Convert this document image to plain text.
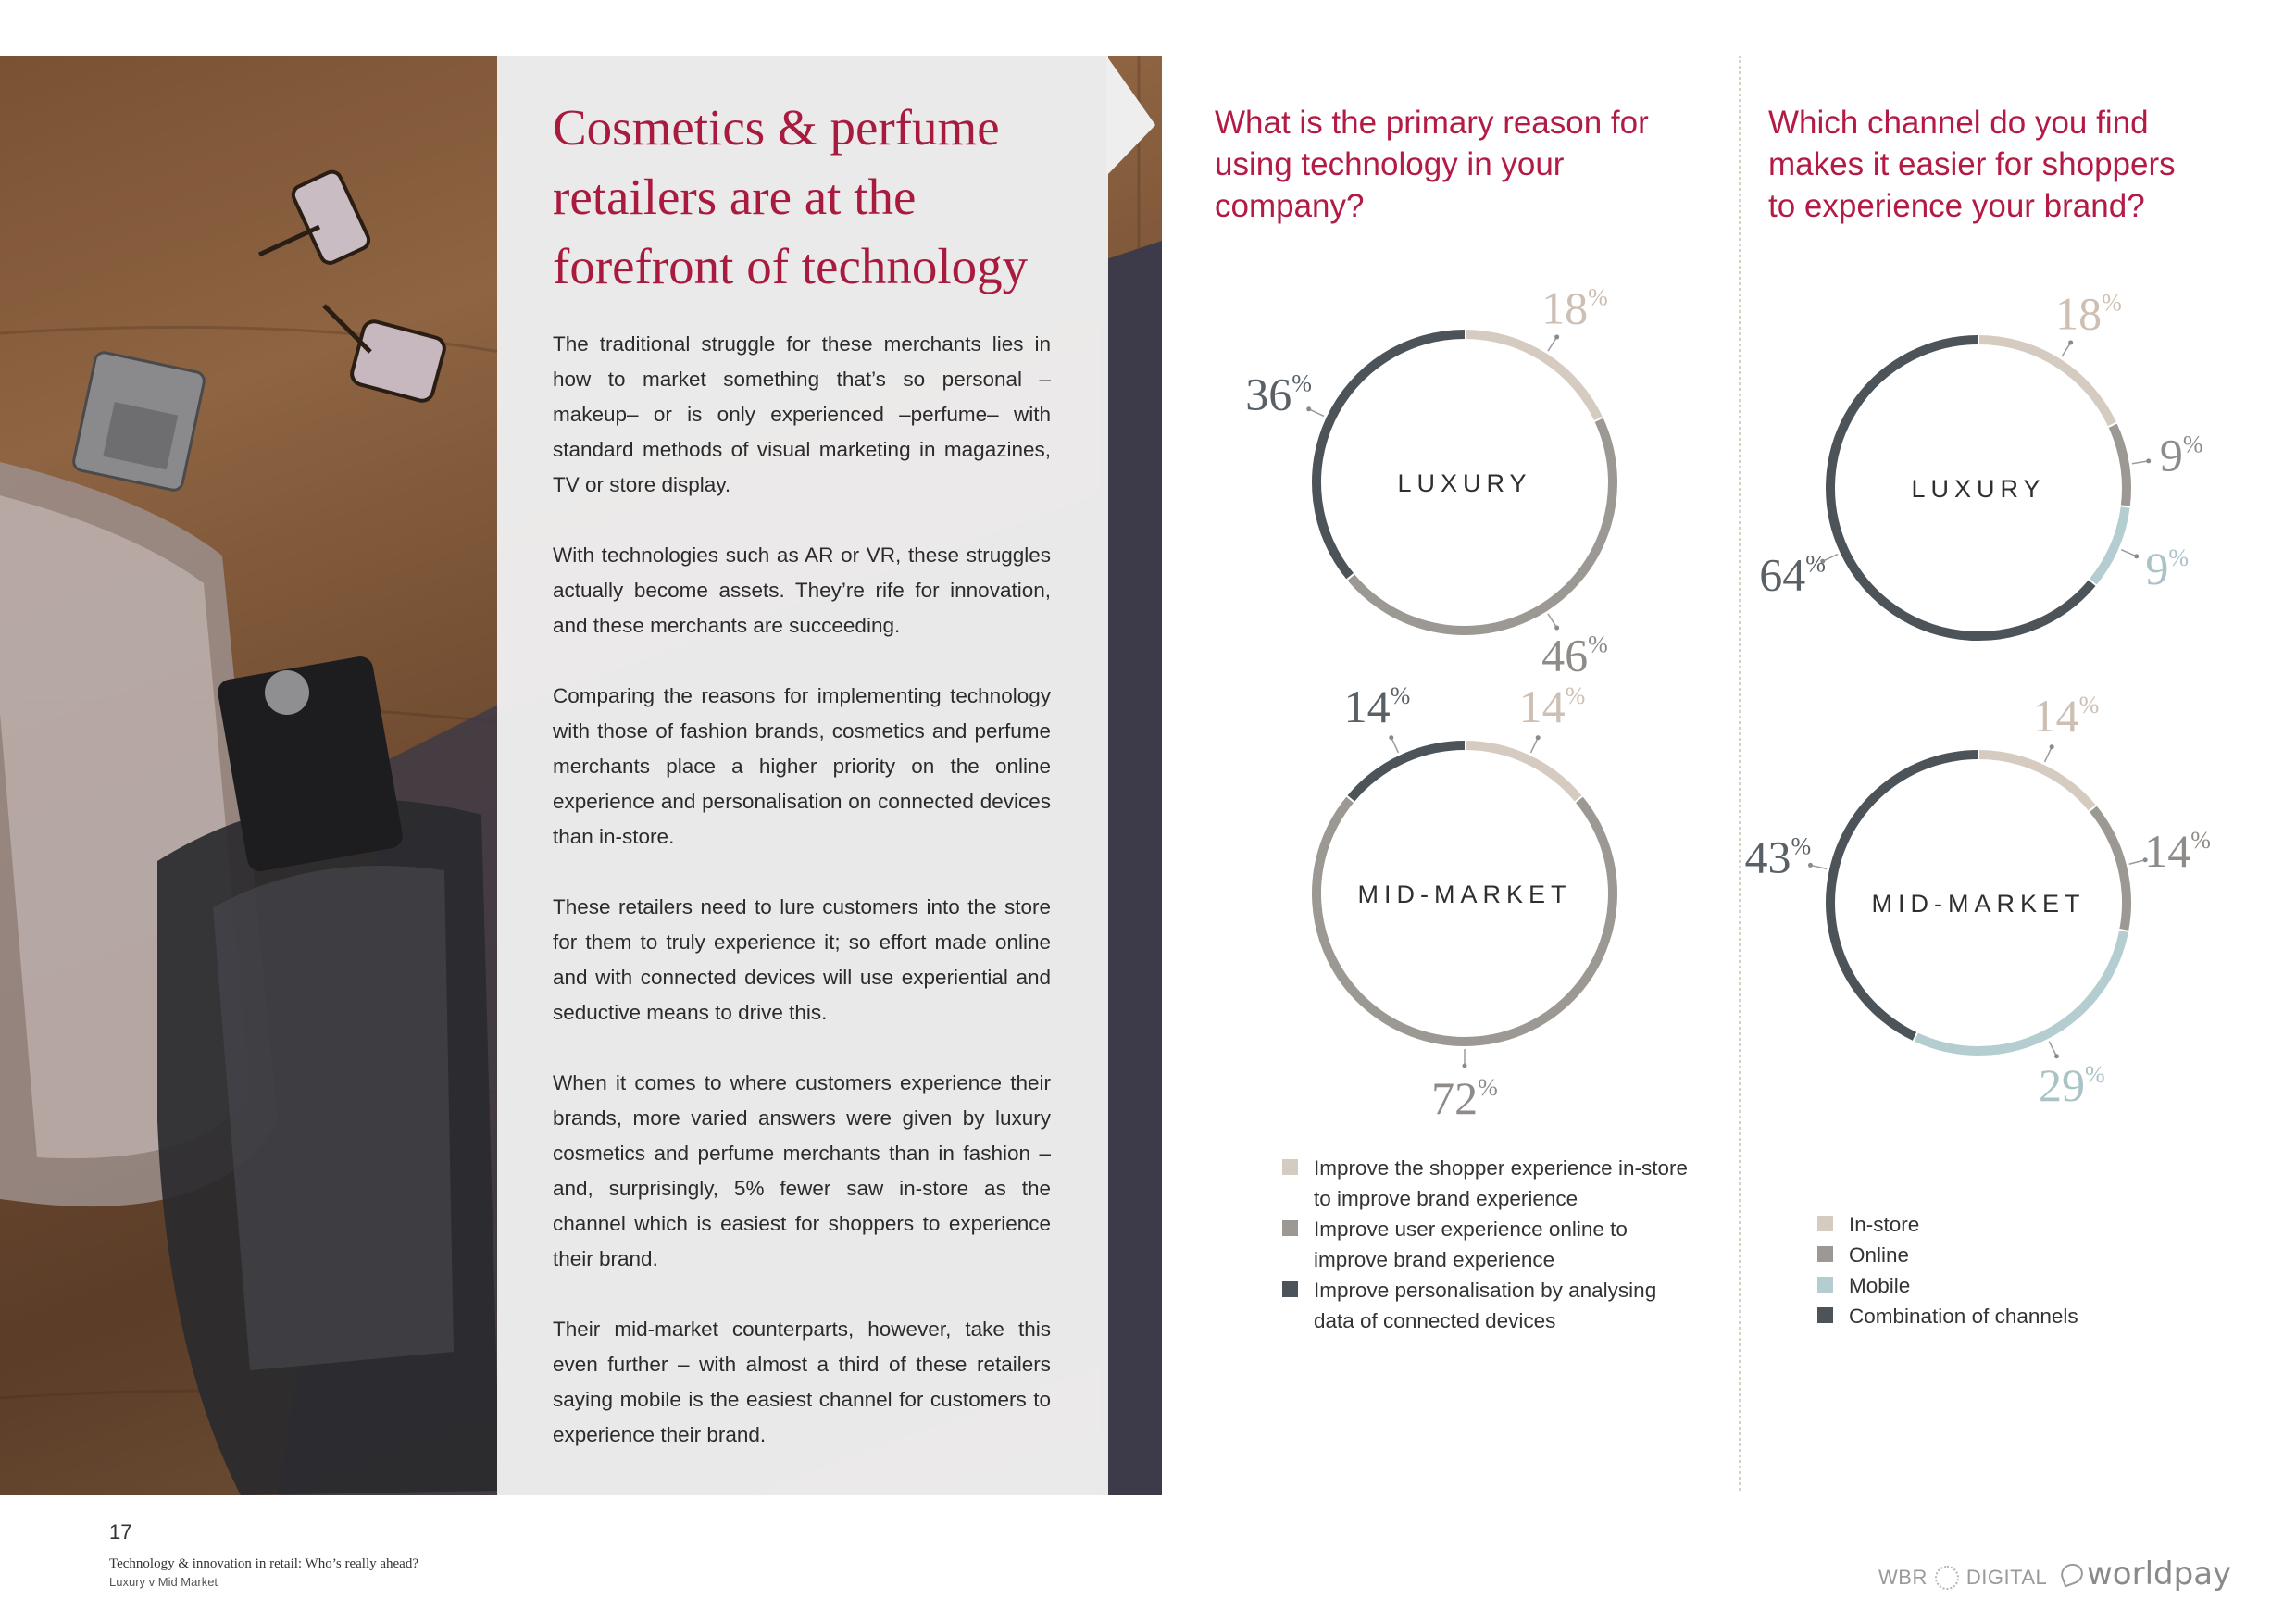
Cosmetics & perfume retailers are at the forefront of technology

The traditional struggle for these merchants lies in how to market something that’s so personal –makeup– or is only experienced –perfume– with standard methods of visual marketing in magazines, TV or store display.

With technologies such as AR or VR, these struggles actually become assets. They’re rife for innovation, and these merchants are succeeding.

Comparing the reasons for implementing technology with those of fashion brands, cosmetics and perfume merchants place a higher priority on the online experience and personalisation on connected devices than in-store.

These retailers need to lure customers into the store for them to truly experience it; so effort made online and with connected devices will use experiential and seductive means to drive this.

When it comes to where customers experience their brands, more varied answers were given by luxury cosmetics and perfume merchants than in fashion – and, surprisingly, 5% fewer saw in-store as the channel which is easiest for shoppers to experience their brand.

Their mid-market counterparts, however, take this even further – with almost a third of these retailers saying mobile is the easiest channel for customers to experience their brand.

What is the primary reason for using technology in your company?
Which channel do you find makes it easier for shoppers to experience your brand?
18%
46%
36%
LUXURY
14%
72%
14%
MID-MARKET
18%
9%
9%
64%
LUXURY
14%
14%
29%
43%
MID-MARKET
Improve the shopper experience in-store to improve brand experience
Improve user experience online to improve brand experience
Improve personalisation by analysing data of connected devices
In-store
Online
Mobile
Combination of channels
17
Technology & innovation in retail: Who’s really ahead?
Luxury v Mid Market	WBR DIGITAL worldpay
